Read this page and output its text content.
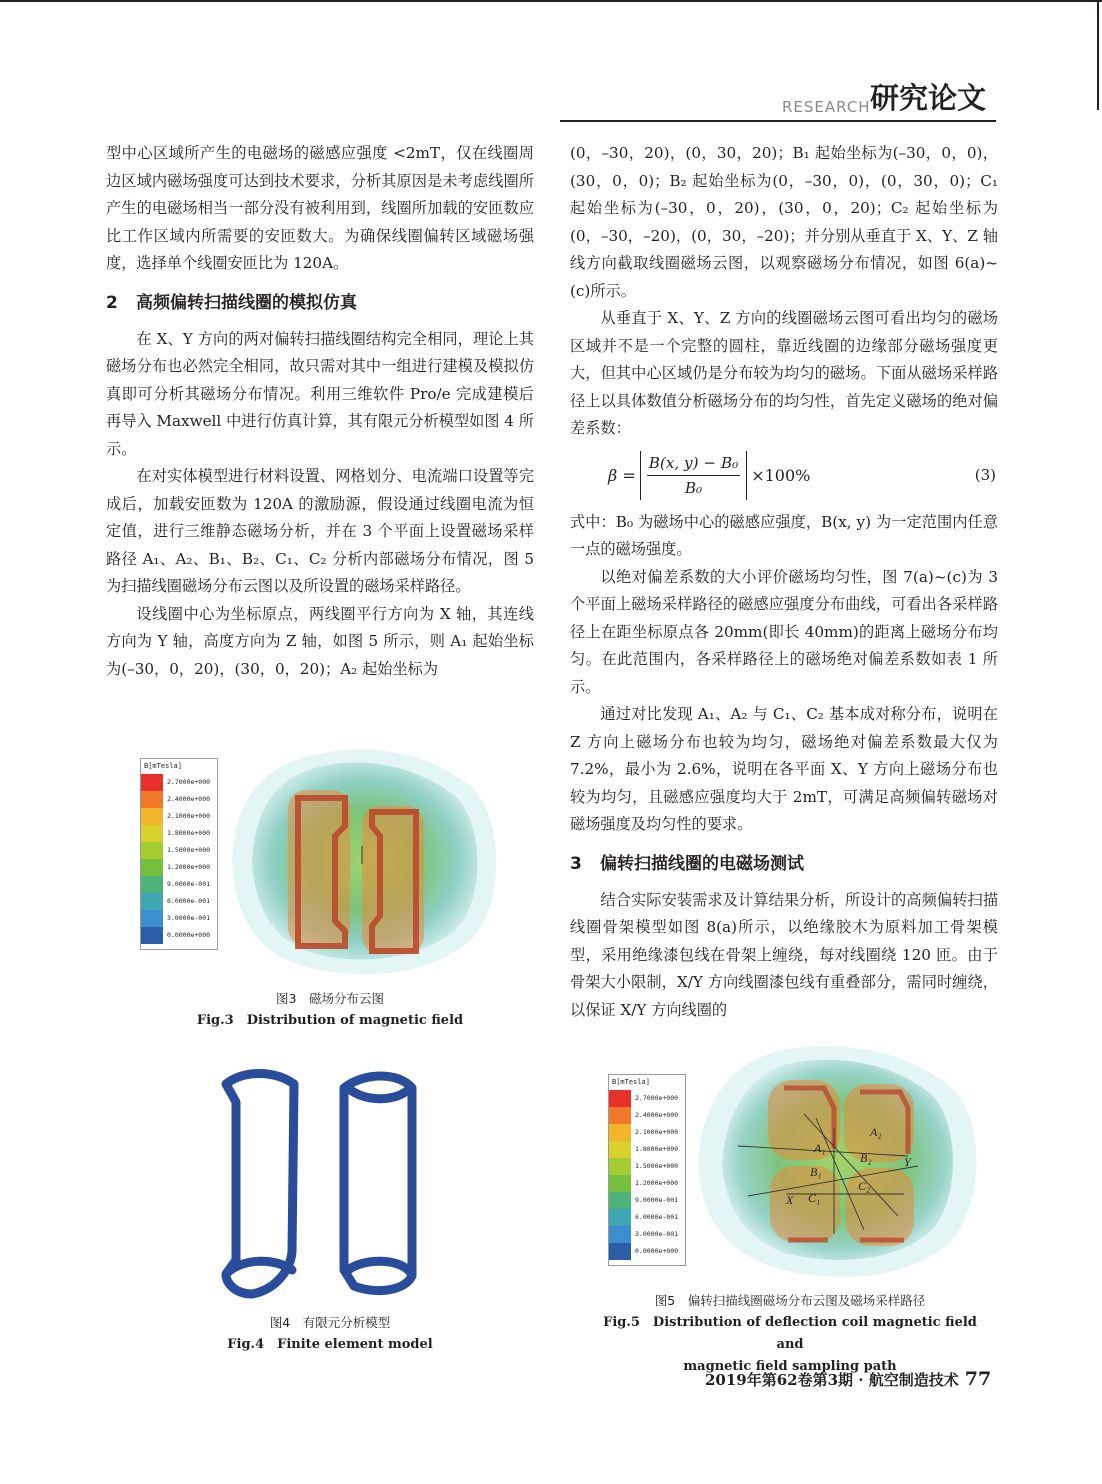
RESEARCH 研究论文

型中心区域所产生的电磁场的磁感应强度 <2mT，仅在线圈周边区域内磁场强度可达到技术要求，分析其原因是未考虑线圈所产生的电磁场相当一部分没有被利用到，线圈所加载的安匝数应比工作区域内所需要的安匝数大。为确保线圈偏转区域磁场强度，选择单个线圈安匝比为 120A。

2 高频偏转扫描线圈的模拟仿真

在 X、Y 方向的两对偏转扫描线圈结构完全相同，理论上其磁场分布也必然完全相同，故只需对其中一组进行建模及模拟仿真即可分析其磁场分布情况。利用三维软件 Pro/e 完成建模后再导入 Maxwell 中进行仿真计算，其有限元分析模型如图 4 所示。

在对实体模型进行材料设置、网格划分、电流端口设置等完成后，加载安匝数为 120A 的激励源，假设通过线圈电流为恒定值，进行三维静态磁场分析，并在 3 个平面上设置磁场采样路径 A₁、A₂、B₁、B₂、C₁、C₂ 分析内部磁场分布情况，图 5 为扫描线圈磁场分布云图以及所设置的磁场采样路径。

设线圈中心为坐标原点，两线圈平行方向为 X 轴，其连线方向为 Y 轴，高度方向为 Z 轴，如图 5 所示，则 A₁ 起始坐标为(–30，0，20)，(30，0，20)；A₂ 起始坐标为

(0，–30，20)，(0，30，20)；B₁ 起始坐标为(–30，0，0)，(30，0，0)；B₂ 起始坐标为(0，–30，0)，(0，30，0)；C₁ 起始坐标为(–30，0，20)，(30，0，20)；C₂ 起始坐标为(0，–30，–20)，(0，30，–20)；并分别从垂直于 X、Y、Z 轴线方向截取线圈磁场云图，以观察磁场分布情况，如图 6(a)~(c)所示。

从垂直于 X、Y、Z 方向的线圈磁场云图可看出均匀的磁场区域并不是一个完整的圆柱，靠近线圈的边缘部分磁场强度更大，但其中心区域仍是分布较为均匀的磁场。下面从磁场采样路径上以具体数值分析磁场分布的均匀性，首先定义磁场的绝对偏差系数：

$\beta = \frac{\text{B(x, y) − B₀}}{\text{B₀}} \times 100\%$	(3)

式中：B₀ 为磁场中心的磁感应强度，B(x, y) 为一定范围内任意一点的磁场强度。

以绝对偏差系数的大小评价磁场均匀性，图 7(a)~(c)为 3 个平面上磁场采样路径的磁感应强度分布曲线，可看出各采样路径上在距坐标原点各 20mm(即长 40mm)的距离上磁场分布均匀。在此范围内，各采样路径上的磁场绝对偏差系数如表 1 所示。

通过对比发现 A₁、A₂ 与 C₁、C₂ 基本成对称分布，说明在 Z 方向上磁场分布也较为均匀，磁场绝对偏差系数最大仅为 7.2%，最小为 2.6%，说明在各平面 X、Y 方向上磁场分布也较为均匀，且磁感应强度均大于 2mT，可满足高频偏转磁场对磁场强度及均匀性的要求。

3 偏转扫描线圈的电磁场测试

结合实际安装需求及计算结果分析，所设计的高频偏转扫描线圈骨架模型如图 8(a)所示，以绝缘胶木为原料加工骨架模型，采用绝缘漆包线在骨架上缠绕，每对线圈绕 120 匝。由于骨架大小限制，X/Y 方向线圈漆包线有重叠部分，需同时缠绕，以保证 X/Y 方向线圈的

B[mTesla]
2.7000e+000
2.4000e+000
2.1000e+000
1.8000e+000
1.5000e+000
1.2000e+000
9.0000e-001
6.0000e-001
3.0000e-001
0.0000e+000
图3　磁场分布云图
Fig.3　Distribution of magnetic field
图4　有限元分析模型
Fig.4　Finite element model
A₁
A₂
B₁
B₂
C₁
C₂
X
Y
B[mTesla]
2.7000e+000
2.4000e+000
2.1000e+000
1.8000e+000
1.5000e+000
1.2000e+000
9.0000e-001
6.0000e-001
3.0000e-001
0.0000e+000
图5　偏转扫描线圈磁场分布云图及磁场采样路径
Fig.5　Distribution of deflection coil magnetic field and
magnetic field sampling path
2019年第62卷第3期 · 航空制造技术 77
